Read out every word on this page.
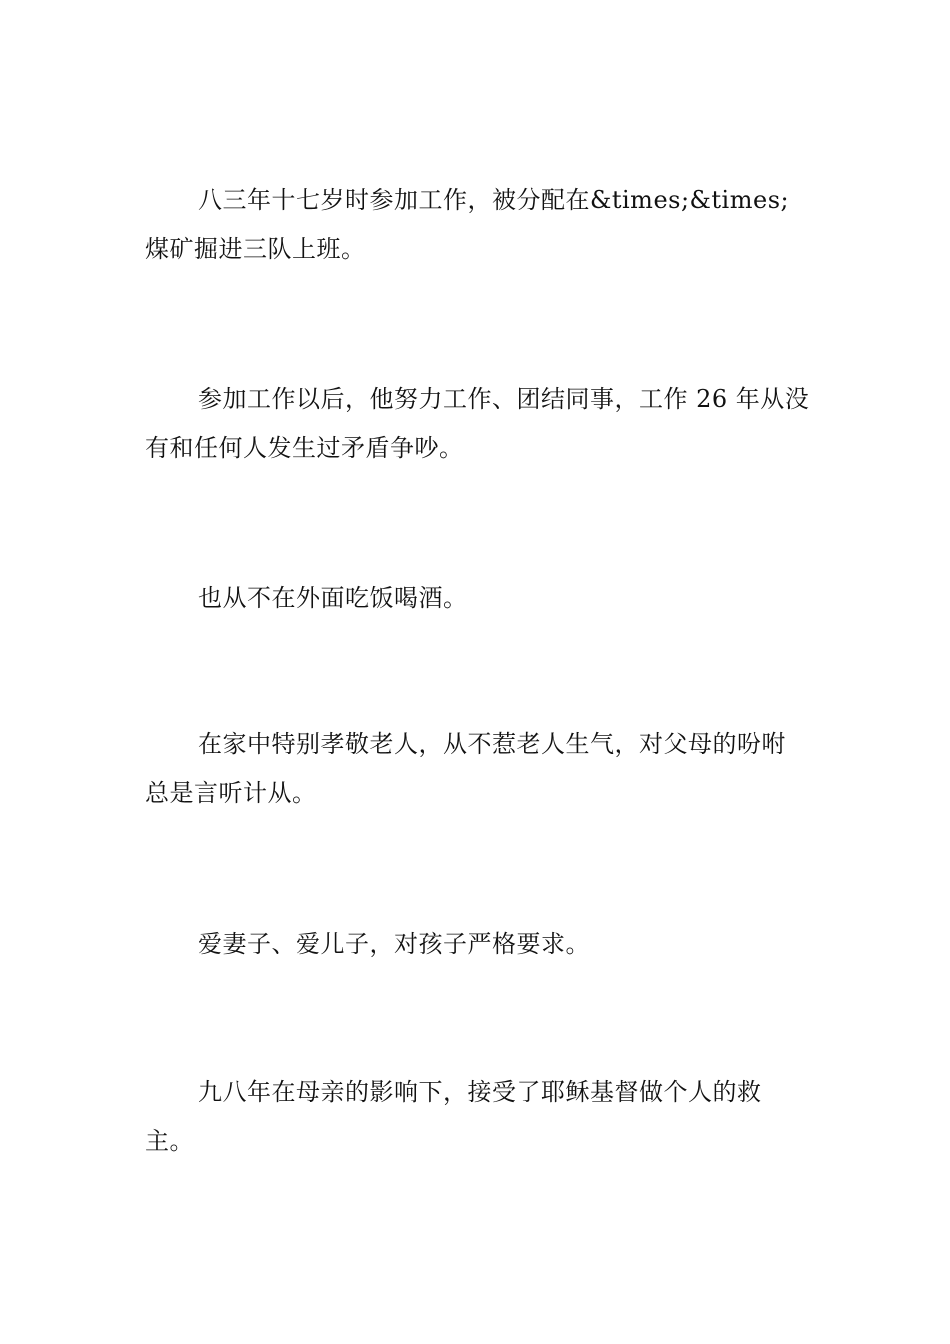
八三年十七岁时参加工作，被分配在&times;&times;煤矿掘进三队上班。

参加工作以后，他努力工作、团结同事，工作 26 年从没有和任何人发生过矛盾争吵。

也从不在外面吃饭喝酒。

在家中特别孝敬老人，从不惹老人生气，对父母的吩咐总是言听计从。

爱妻子、爱儿子，对孩子严格要求。

九八年在母亲的影响下，接受了耶稣基督做个人的救主。
